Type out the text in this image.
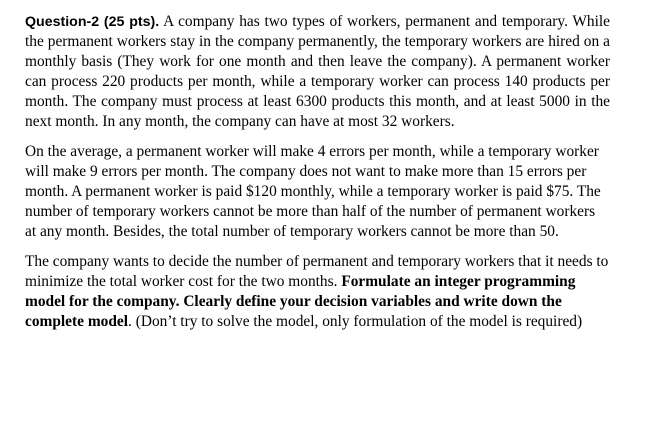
Question-2 (25 pts). A company has two types of workers, permanent and temporary. While the permanent workers stay in the company permanently, the temporary workers are hired on a monthly basis (They work for one month and then leave the company). A permanent worker can process 220 products per month, while a temporary worker can process 140 products per month. The company must process at least 6300 products this month, and at least 5000 in the next month. In any month, the company can have at most 32 workers.

On the average, a permanent worker will make 4 errors per month, while a temporary worker will make 9 errors per month. The company does not want to make more than 15 errors per month. A permanent worker is paid $120 monthly, while a temporary worker is paid $75. The number of temporary workers cannot be more than half of the number of permanent workers at any month. Besides, the total number of temporary workers cannot be more than 50.

The company wants to decide the number of permanent and temporary workers that it needs to minimize the total worker cost for the two months. Formulate an integer programming model for the company. Clearly define your decision variables and write down the complete model. (Don’t try to solve the model, only formulation of the model is required)
